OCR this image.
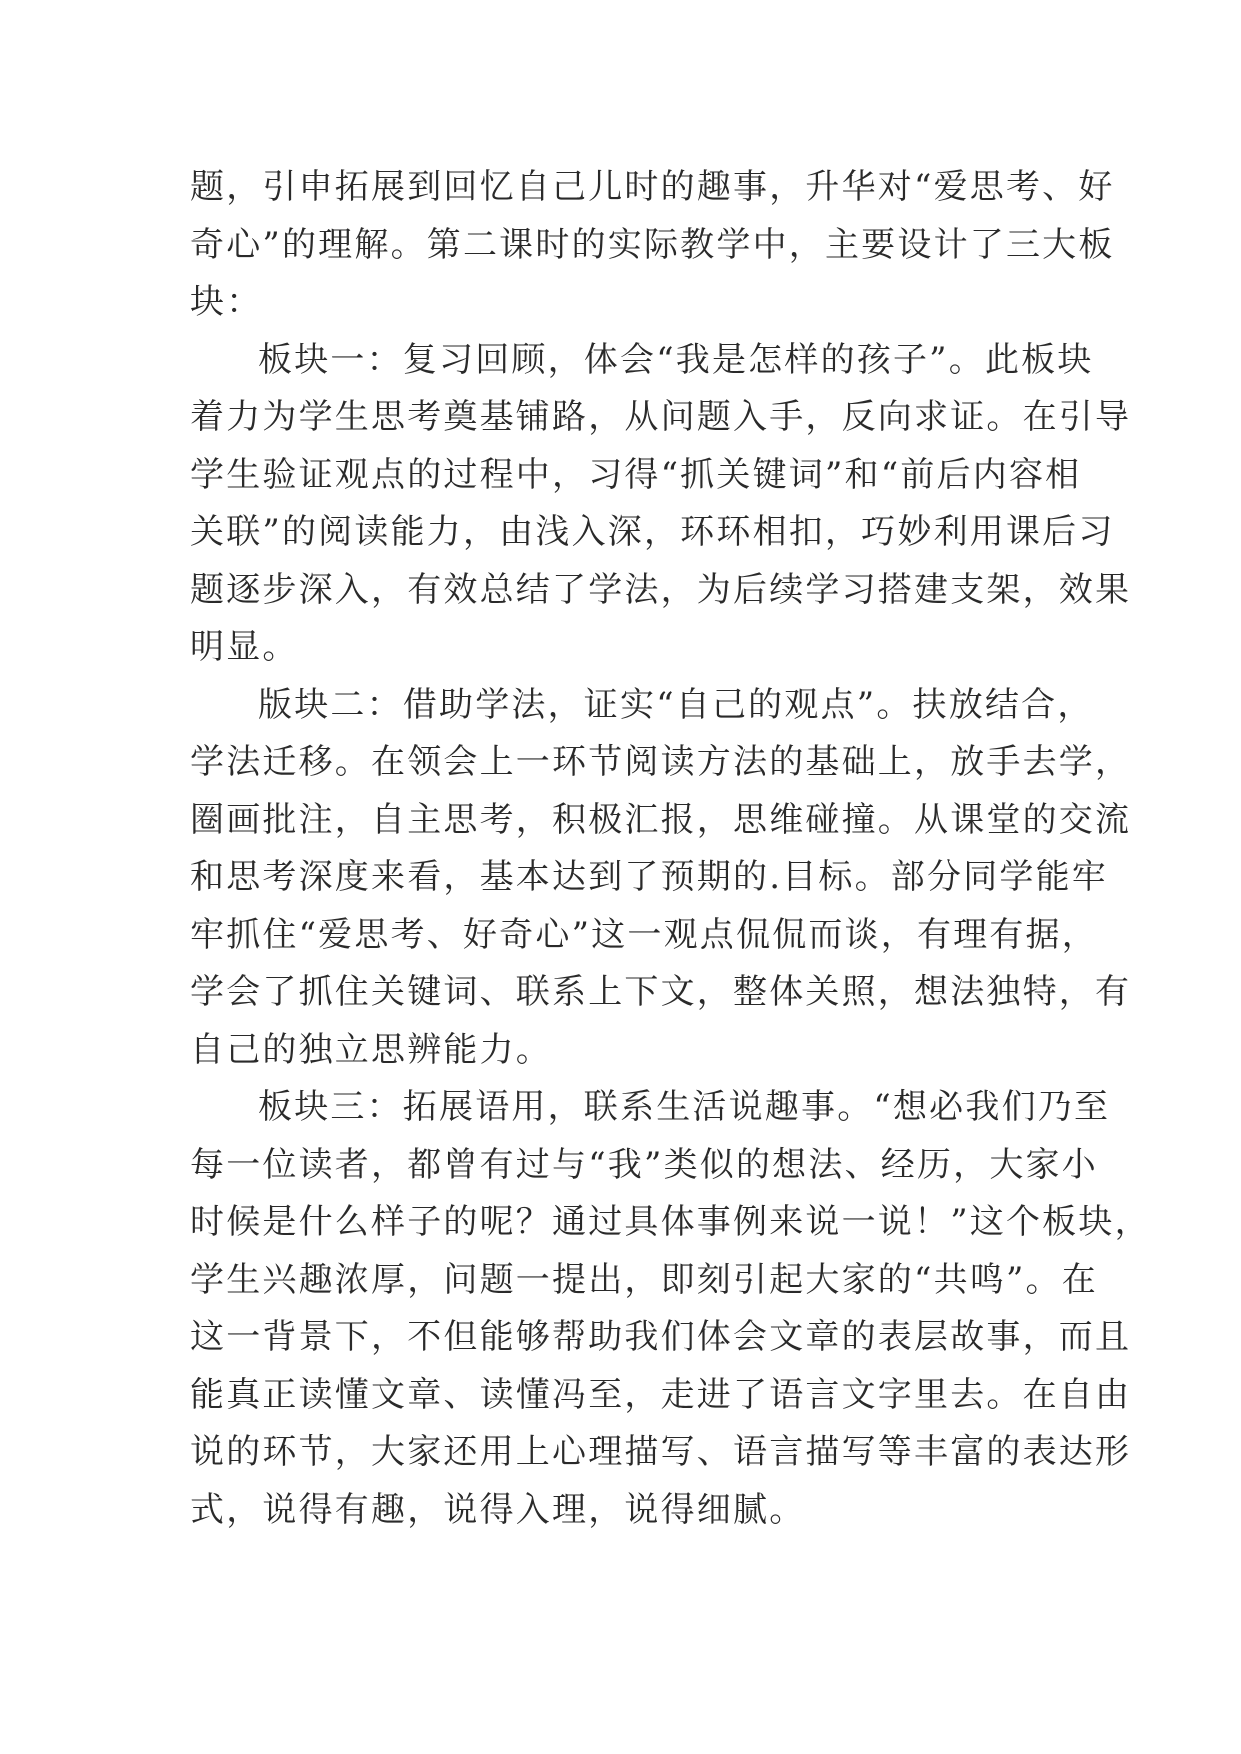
题，引申拓展到回忆自己儿时的趣事，升华对“爱思考、好
奇心”的理解。第二课时的实际教学中，主要设计了三大板
块：
板块一：复习回顾，体会“我是怎样的孩子”。此板块
着力为学生思考奠基铺路，从问题入手，反向求证。在引导
学生验证观点的过程中，习得“抓关键词”和“前后内容相
关联”的阅读能力，由浅入深，环环相扣，巧妙利用课后习
题逐步深入，有效总结了学法，为后续学习搭建支架，效果
明显。
版块二：借助学法，证实“自己的观点”。扶放结合，
学法迁移。在领会上一环节阅读方法的基础上，放手去学，
圈画批注，自主思考，积极汇报，思维碰撞。从课堂的交流
和思考深度来看，基本达到了预期的.目标。部分同学能牢
牢抓住“爱思考、好奇心”这一观点侃侃而谈，有理有据，
学会了抓住关键词、联系上下文，整体关照，想法独特，有
自己的独立思辨能力。
板块三：拓展语用，联系生活说趣事。“想必我们乃至
每一位读者，都曾有过与“我”类似的想法、经历，大家小
时候是什么样子的呢？通过具体事例来说一说！”这个板块，
学生兴趣浓厚，问题一提出，即刻引起大家的“共鸣”。在
这一背景下，不但能够帮助我们体会文章的表层故事，而且
能真正读懂文章、读懂冯至，走进了语言文字里去。在自由
说的环节，大家还用上心理描写、语言描写等丰富的表达形
式，说得有趣，说得入理，说得细腻。
